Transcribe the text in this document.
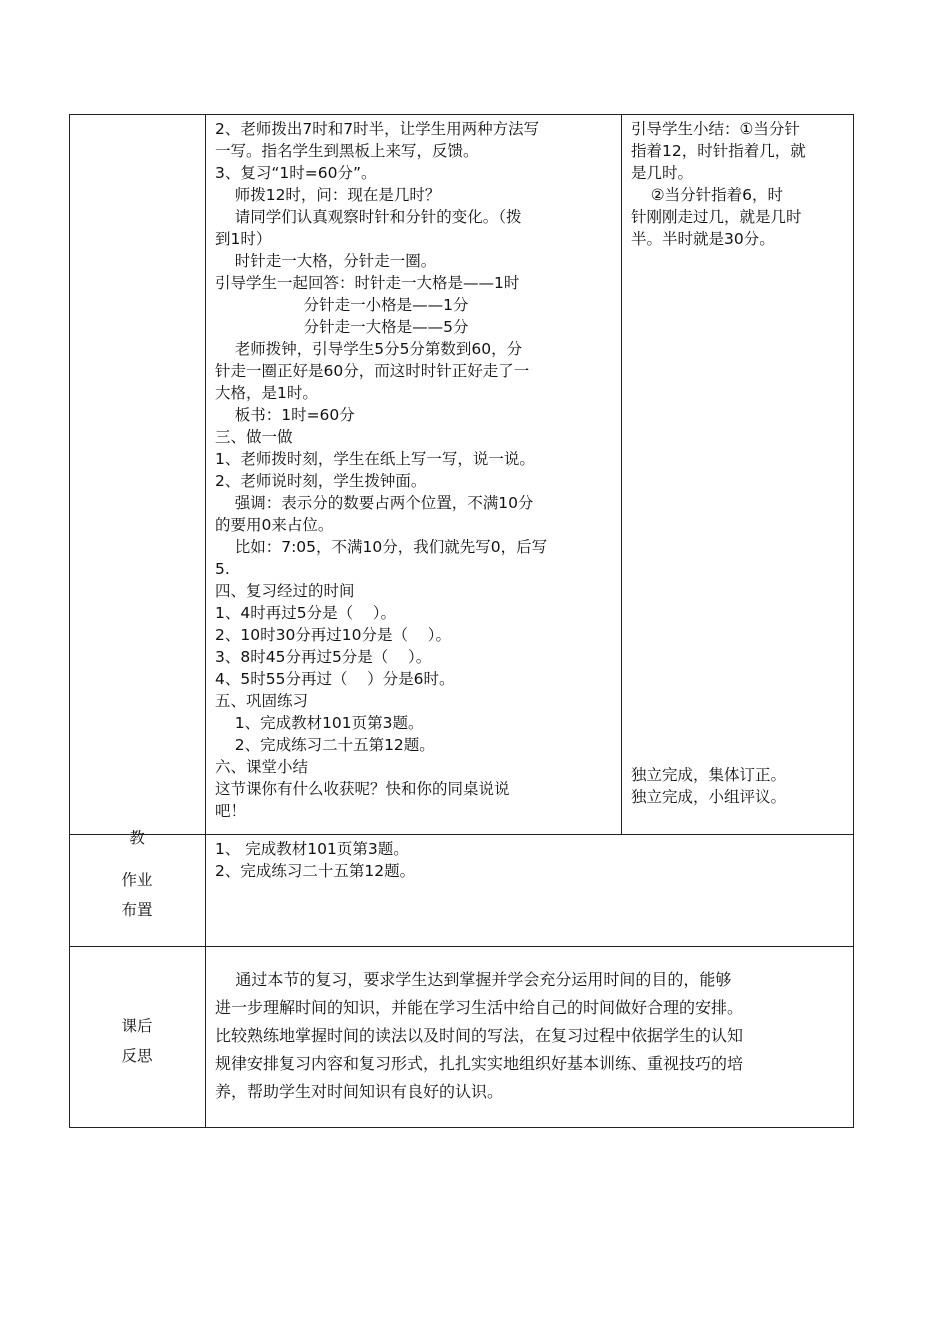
2、老师拨出7时和7时半，让学生用两种方法写
一写。指名学生到黑板上来写，反馈。
3、复习“1时=60分”。
师拨12时，问：现在是几时？
请同学们认真观察时针和分针的变化。（拨
到1时）
时针走一大格，分针走一圈。
引导学生一起回答：时针走一大格是——1时
分针走一小格是——1分
分针走一大格是——5分
老师拨钟，引导学生5分5分第数到60，分
针走一圈正好是60分，而这时时针正好走了一
大格，是1时。
板书：1时=60分
三、做一做
1、老师拨时刻，学生在纸上写一写，说一说。
2、老师说时刻，学生拨钟面。
强调：表示分的数要占两个位置，不满10分
的要用0来占位。
比如：7:05，不满10分，我们就先写0，后写
5.
四、复习经过的时间
1、4时再过5分是（    ）。
2、10时30分再过10分是（    ）。
3、8时45分再过5分是（    ）。
4、5时55分再过（    ）分是6时。
五、巩固练习
1、完成教材101页第3题。
2、完成练习二十五第12题。
六、课堂小结
这节课你有什么收获呢？快和你的同桌说说
吧！
引导学生小结：①当分针
指着12，时针指着几，就
是几时。
②当分针指着6，时
针刚刚走过几，就是几时
半。半时就是30分。
独立完成，集体订正。
独立完成，小组评议。
教
作业
布置
1、 完成教材101页第3题。
2、完成练习二十五第12题。
课后
反思
通过本节的复习，要求学生达到掌握并学会充分运用时间的目的，能够
进一步理解时间的知识，并能在学习生活中给自己的时间做好合理的安排。
比较熟练地掌握时间的读法以及时间的写法，在复习过程中依据学生的认知
规律安排复习内容和复习形式，扎扎实实地组织好基本训练、重视技巧的培
养，帮助学生对时间知识有良好的认识。
